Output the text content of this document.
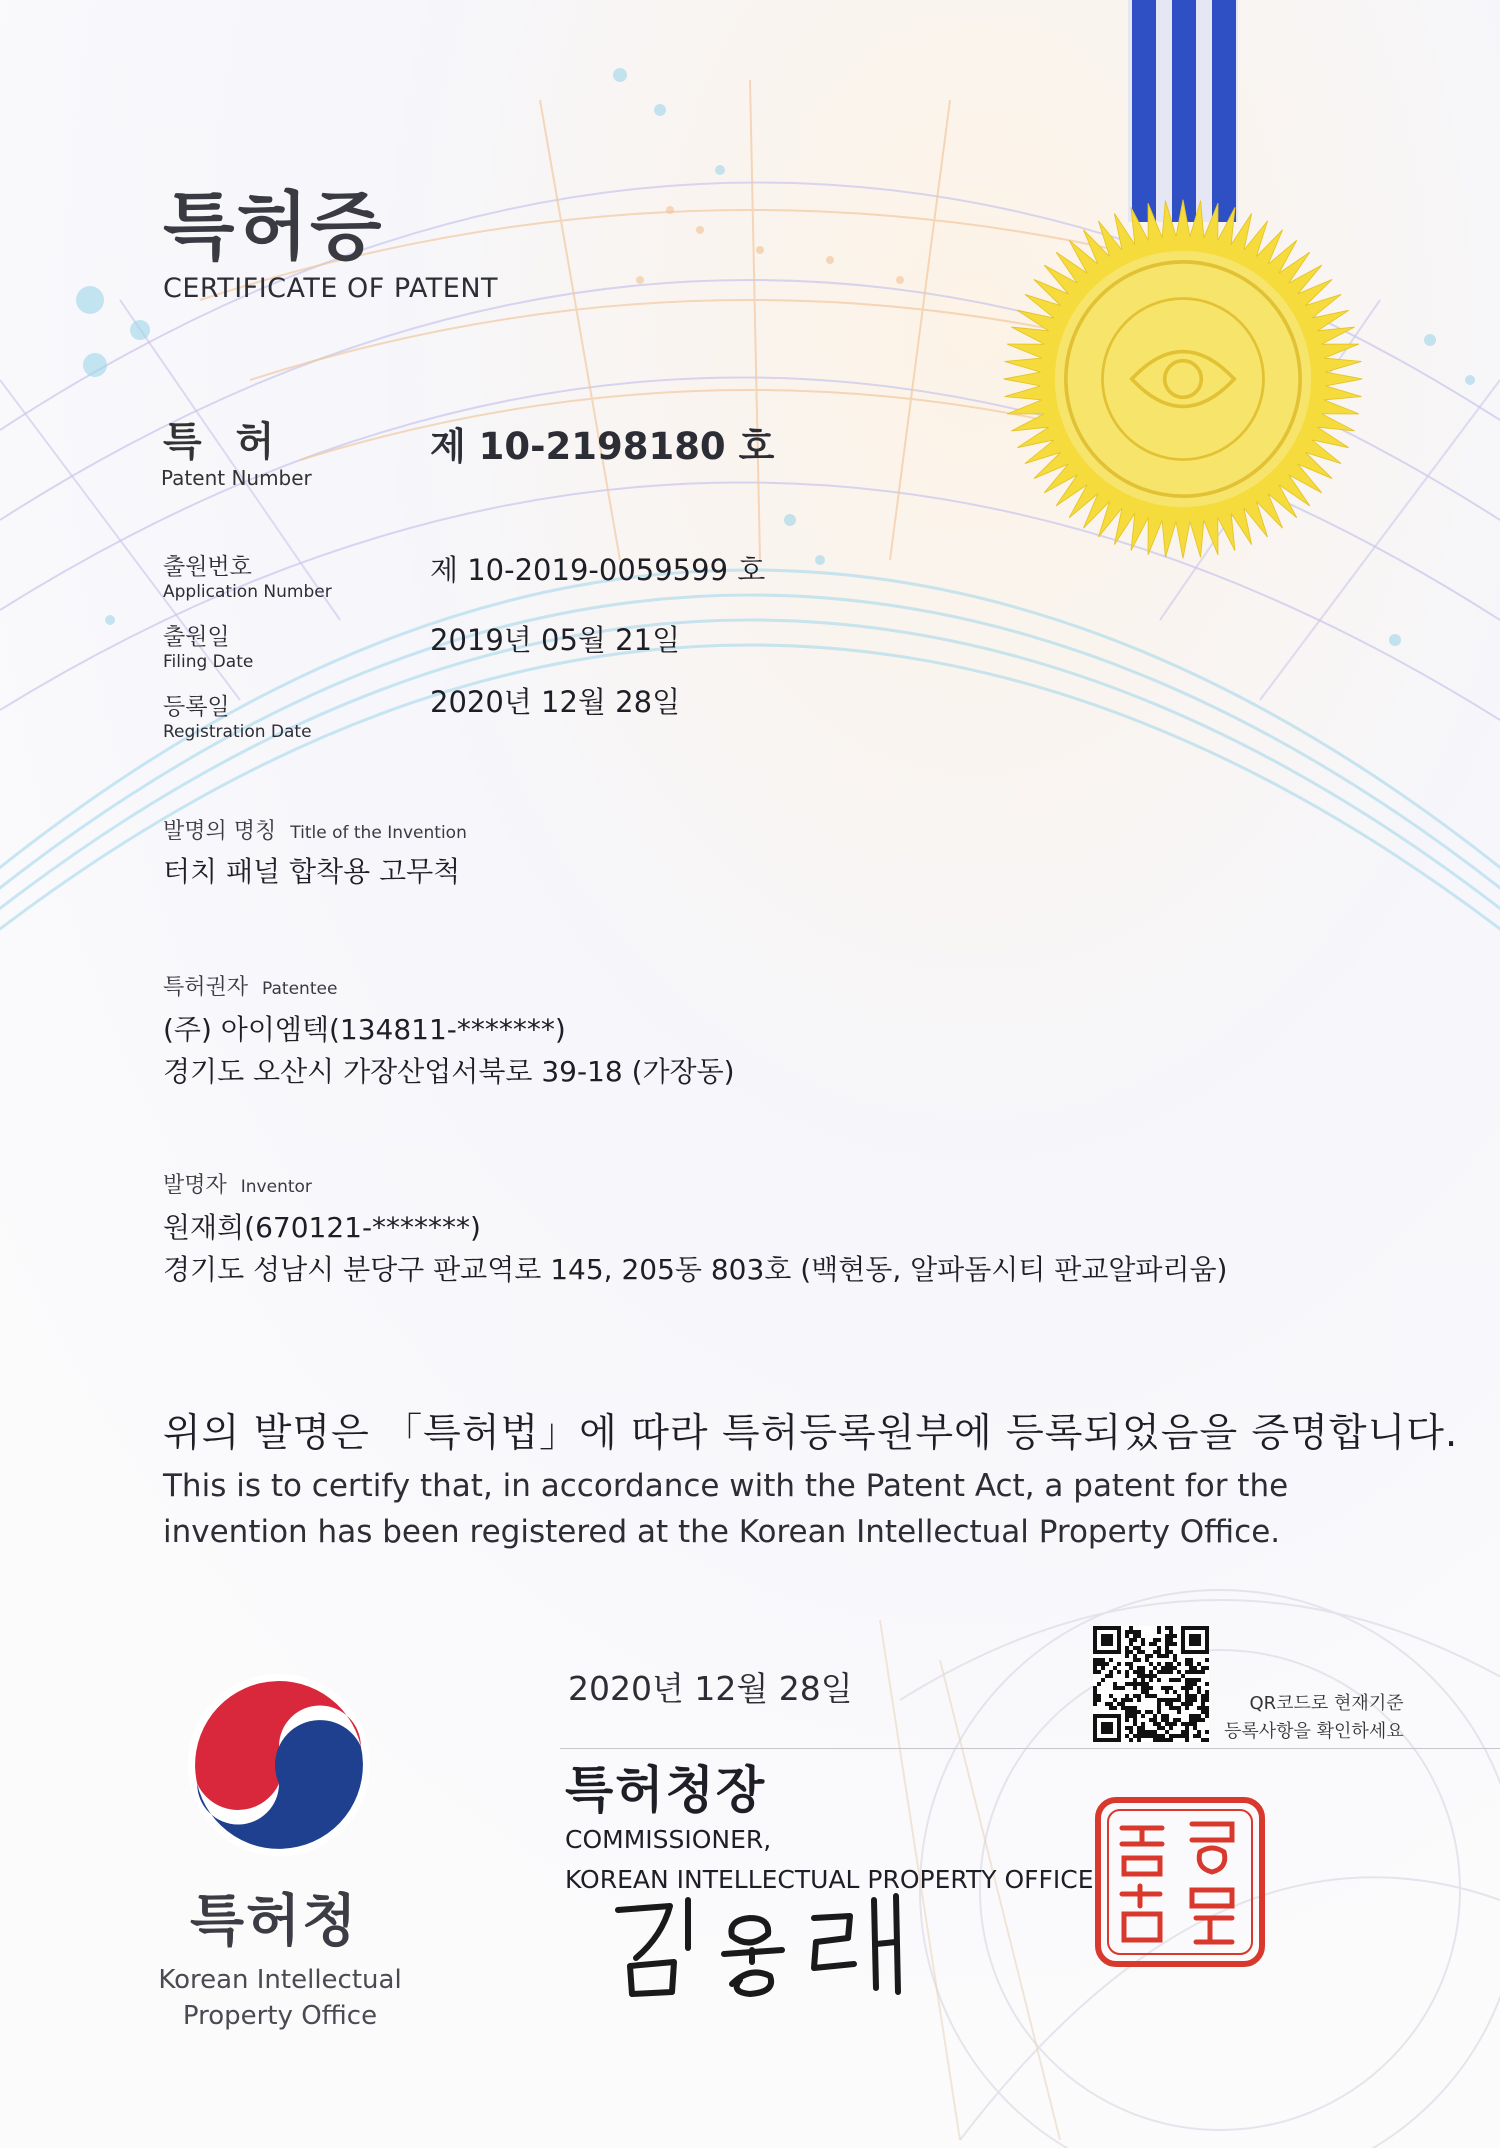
특허증
CERTIFICATE OF PATENT
특 허
Patent Number
제 10-2198180 호
출원번호
Application Number
제 10-2019-0059599 호
출원일
Filing Date
2019년 05월 21일
등록일
Registration Date
2020년 12월 28일
발명의 명칭 Title of the Invention
터치 패널 합착용 고무척
특허권자 Patentee
(주) 아이엠텍(134811-*******)
경기도 오산시 가장산업서북로 39-18 (가장동)
발명자 Inventor
원재희(670121-*******)
경기도 성남시 분당구 판교역로 145, 205동 803호 (백현동, 알파돔시티 판교알파리움)
위의 발명은 「특허법」에 따라 특허등록원부에 등록되었음을 증명합니다.
This is to certify that, in accordance with the Patent Act, a patent for the invention has been registered at the Korean Intellectual Property Office.
2020년 12월 28일	QR코드로 현재기준
등록사항을 확인하세요
특허청장
COMMISSIONER,
KOREAN INTELLECTUAL PROPERTY OFFICE
특허청
Korean Intellectual
Property Office
